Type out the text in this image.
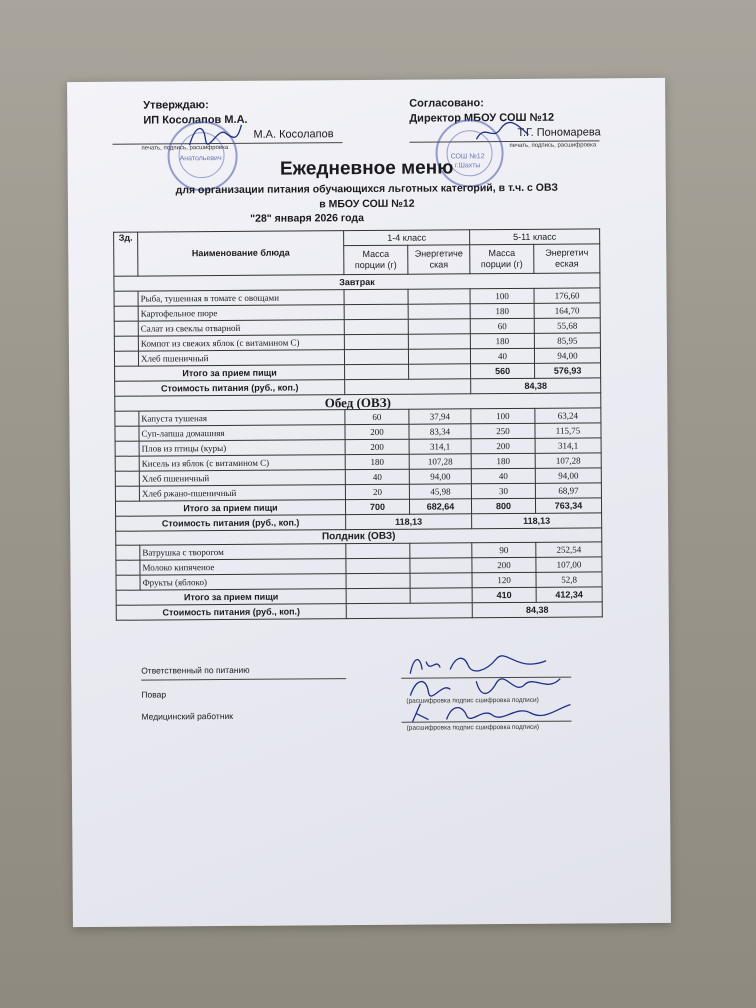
Утверждаю:
ИП Косолапов М.А.
М.А. Косолапов
печать, подпись, расшифровка
Анатольевич
Согласовано:
Директор МБОУ СОШ №12
Т.Г. Пономарева
печать, подпись, расшифровка
СОШ №12
г.Шахты
Ежедневное меню
для организации питания обучающихся льготных категорий, в т.ч. с ОВЗ
в МБОУ СОШ №12
"28" января 2026 года
Зд.	Наименование блюда	1-4 класс		5-11 класс	
		Масса порции (г)	Энергетиче ская	Масса порции (г)	Энергетич еская

Завтрак					
	Рыба, тушенная в томате с овощами			100	176,60
	Картофельное пюре			180	164,70
	Салат из свеклы отварной			60	55,68
	Компот из свежих яблок (с витамином С)			180	85,95
	Хлеб пшеничный			40	94,00
Итого за прием пищи				560	576,93
Стоимость питания (руб., коп.)				84,38	
Обед (ОВЗ)					
	Капуста тушеная	60	37,94	100	63,24
	Суп-лапша домашняя	200	83,34	250	115,75
	Плов из птицы (куры)	200	314,1	200	314,1
	Кисель из яблок (с витамином С)	180	107,28	180	107,28
	Хлеб пшеничный	40	94,00	40	94,00
	Хлеб ржано-пшеничный	20	45,98	30	68,97
Итого за прием пищи		700	682,64	800	763,34
Стоимость питания (руб., коп.)		118,13		118,13	
Полдник (ОВЗ)					
	Ватрушка с творогом			90	252,54
	Молоко кипяченое			200	107,00
	Фрукты (яблоко)			120	52,8
Итого за прием пищи				410	412,34
Стоимость питания (руб., коп.)				84,38	
Ответственный по питанию
Повар
Медицинский работник
(расшифровка подпис сшифровка подписи)
(расшифровка подпис сшифровка подписи)
